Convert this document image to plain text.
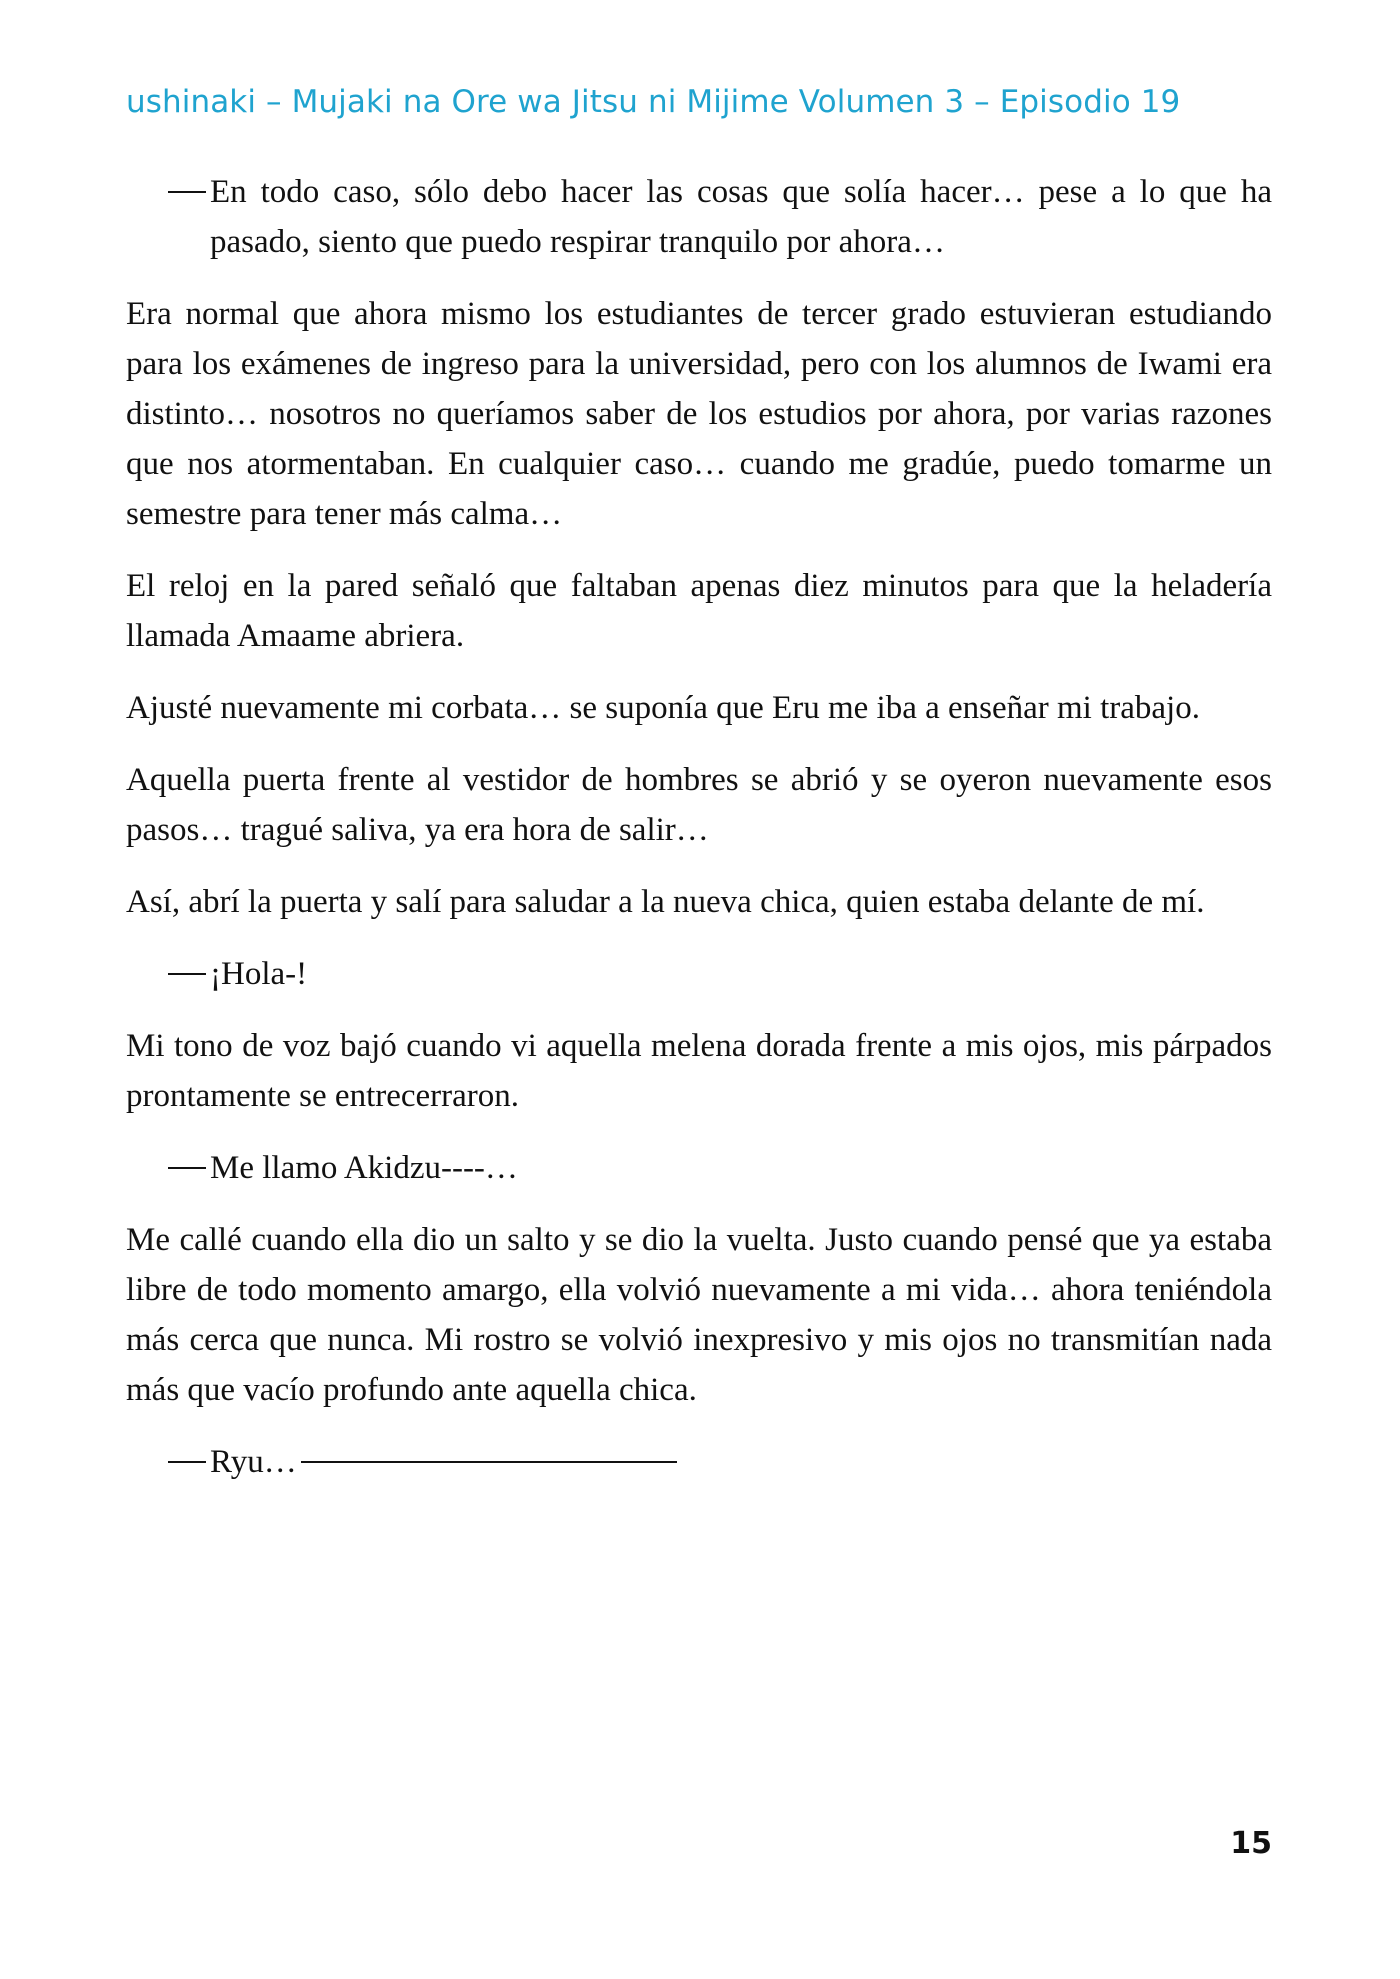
ushinaki – Mujaki na Ore wa Jitsu ni Mijime Volumen 3 – Episodio 19

En todo caso, sólo debo hacer las cosas que solía hacer… pese a lo que ha pasado, siento que puedo respirar tranquilo por ahora…

Era normal que ahora mismo los estudiantes de tercer grado estuvieran estudiando para los exámenes de ingreso para la universidad, pero con los alumnos de Iwami era distinto… nosotros no queríamos saber de los estudios por ahora, por varias razones que nos atormentaban. En cualquier caso… cuando me gradúe, puedo tomarme un semestre para tener más calma…

El reloj en la pared señaló que faltaban apenas diez minutos para que la heladería llamada Amaame abriera.

Ajusté nuevamente mi corbata… se suponía que Eru me iba a enseñar mi trabajo.

Aquella puerta frente al vestidor de hombres se abrió y se oyeron nuevamente esos pasos… tragué saliva, ya era hora de salir…

Así, abrí la puerta y salí para saludar a la nueva chica, quien estaba delante de mí.

¡Hola-!

Mi tono de voz bajó cuando vi aquella melena dorada frente a mis ojos, mis párpados prontamente se entrecerraron.

Me llamo Akidzu----…

Me callé cuando ella dio un salto y se dio la vuelta. Justo cuando pensé que ya estaba libre de todo momento amargo, ella volvió nuevamente a mi vida… ahora teniéndola más cerca que nunca. Mi rostro se volvió inexpresivo y mis ojos no transmitían nada más que vacío profundo ante aquella chica.

Ryu…

15
